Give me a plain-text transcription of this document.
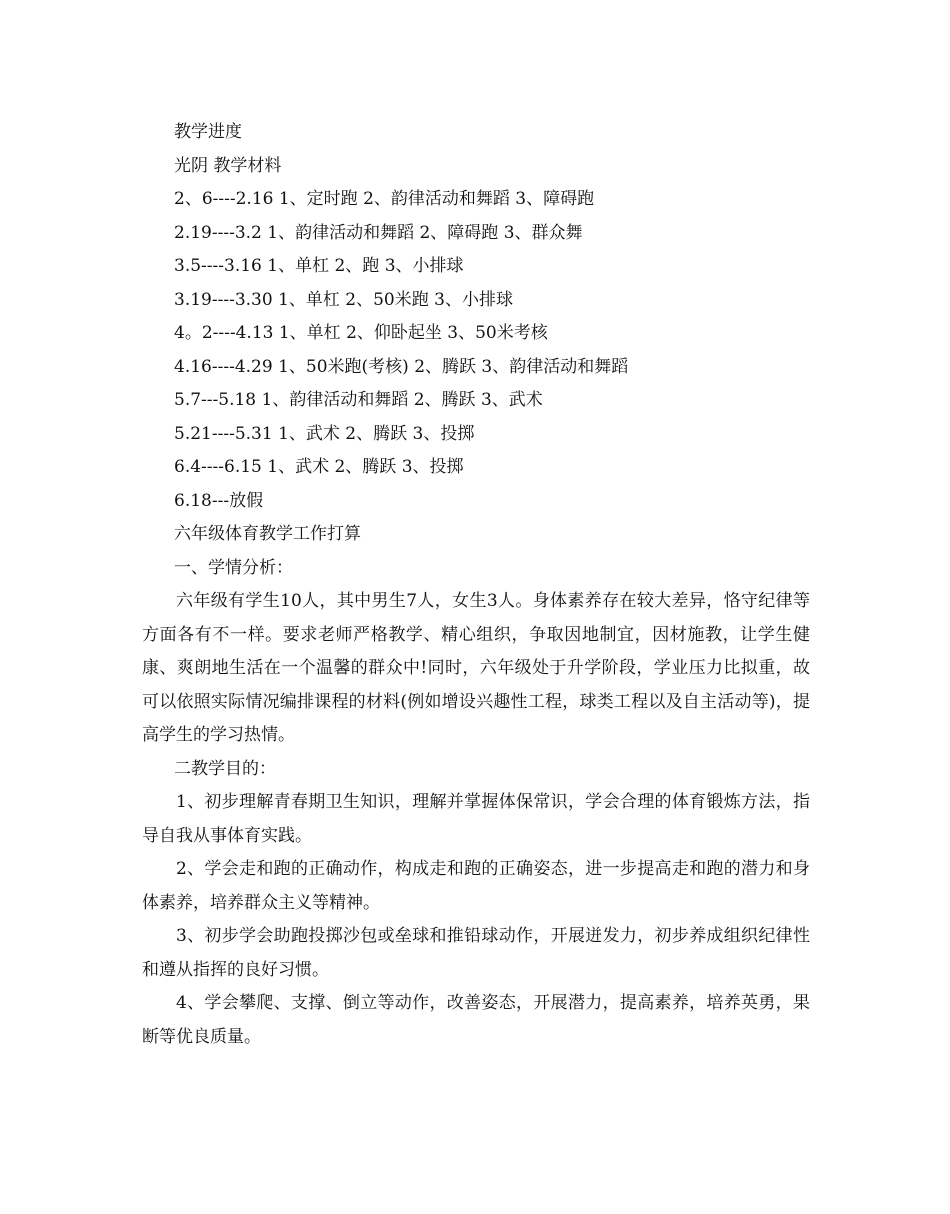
教学进度

光阴 教学材料

2、6----2.16 1、定时跑 2、韵律活动和舞蹈 3、障碍跑

2.19----3.2 1、韵律活动和舞蹈 2、障碍跑 3、群众舞

3.5----3.16 1、单杠 2、跑 3、小排球

3.19----3.30 1、单杠 2、50米跑 3、小排球

4。2----4.13 1、单杠 2、仰卧起坐 3、50米考核

4.16----4.29 1、50米跑(考核) 2、腾跃 3、韵律活动和舞蹈

5.7---5.18 1、韵律活动和舞蹈 2、腾跃 3、武术

5.21----5.31 1、武术 2、腾跃 3、投掷

6.4----6.15 1、武术 2、腾跃 3、投掷

6.18---放假

六年级体育教学工作打算

一、学情分析：

六年级有学生10人，其中男生7人，女生3人。身体素养存在较大差异，恪守纪律等方面各有不一样。要求老师严格教学、精心组织，争取因地制宜，因材施教，让学生健康、爽朗地生活在一个温馨的群众中!同时，六年级处于升学阶段，学业压力比拟重，故可以依照实际情况编排课程的材料(例如增设兴趣性工程，球类工程以及自主活动等)，提高学生的学习热情。

二教学目的：

1、初步理解青春期卫生知识，理解并掌握体保常识，学会合理的体育锻炼方法，指导自我从事体育实践。

2、学会走和跑的正确动作，构成走和跑的正确姿态，进一步提高走和跑的潜力和身体素养，培养群众主义等精神。

3、初步学会助跑投掷沙包或垒球和推铅球动作，开展迸发力，初步养成组织纪律性和遵从指挥的良好习惯。

4、学会攀爬、支撑、倒立等动作，改善姿态，开展潜力，提高素养，培养英勇，果断等优良质量。
